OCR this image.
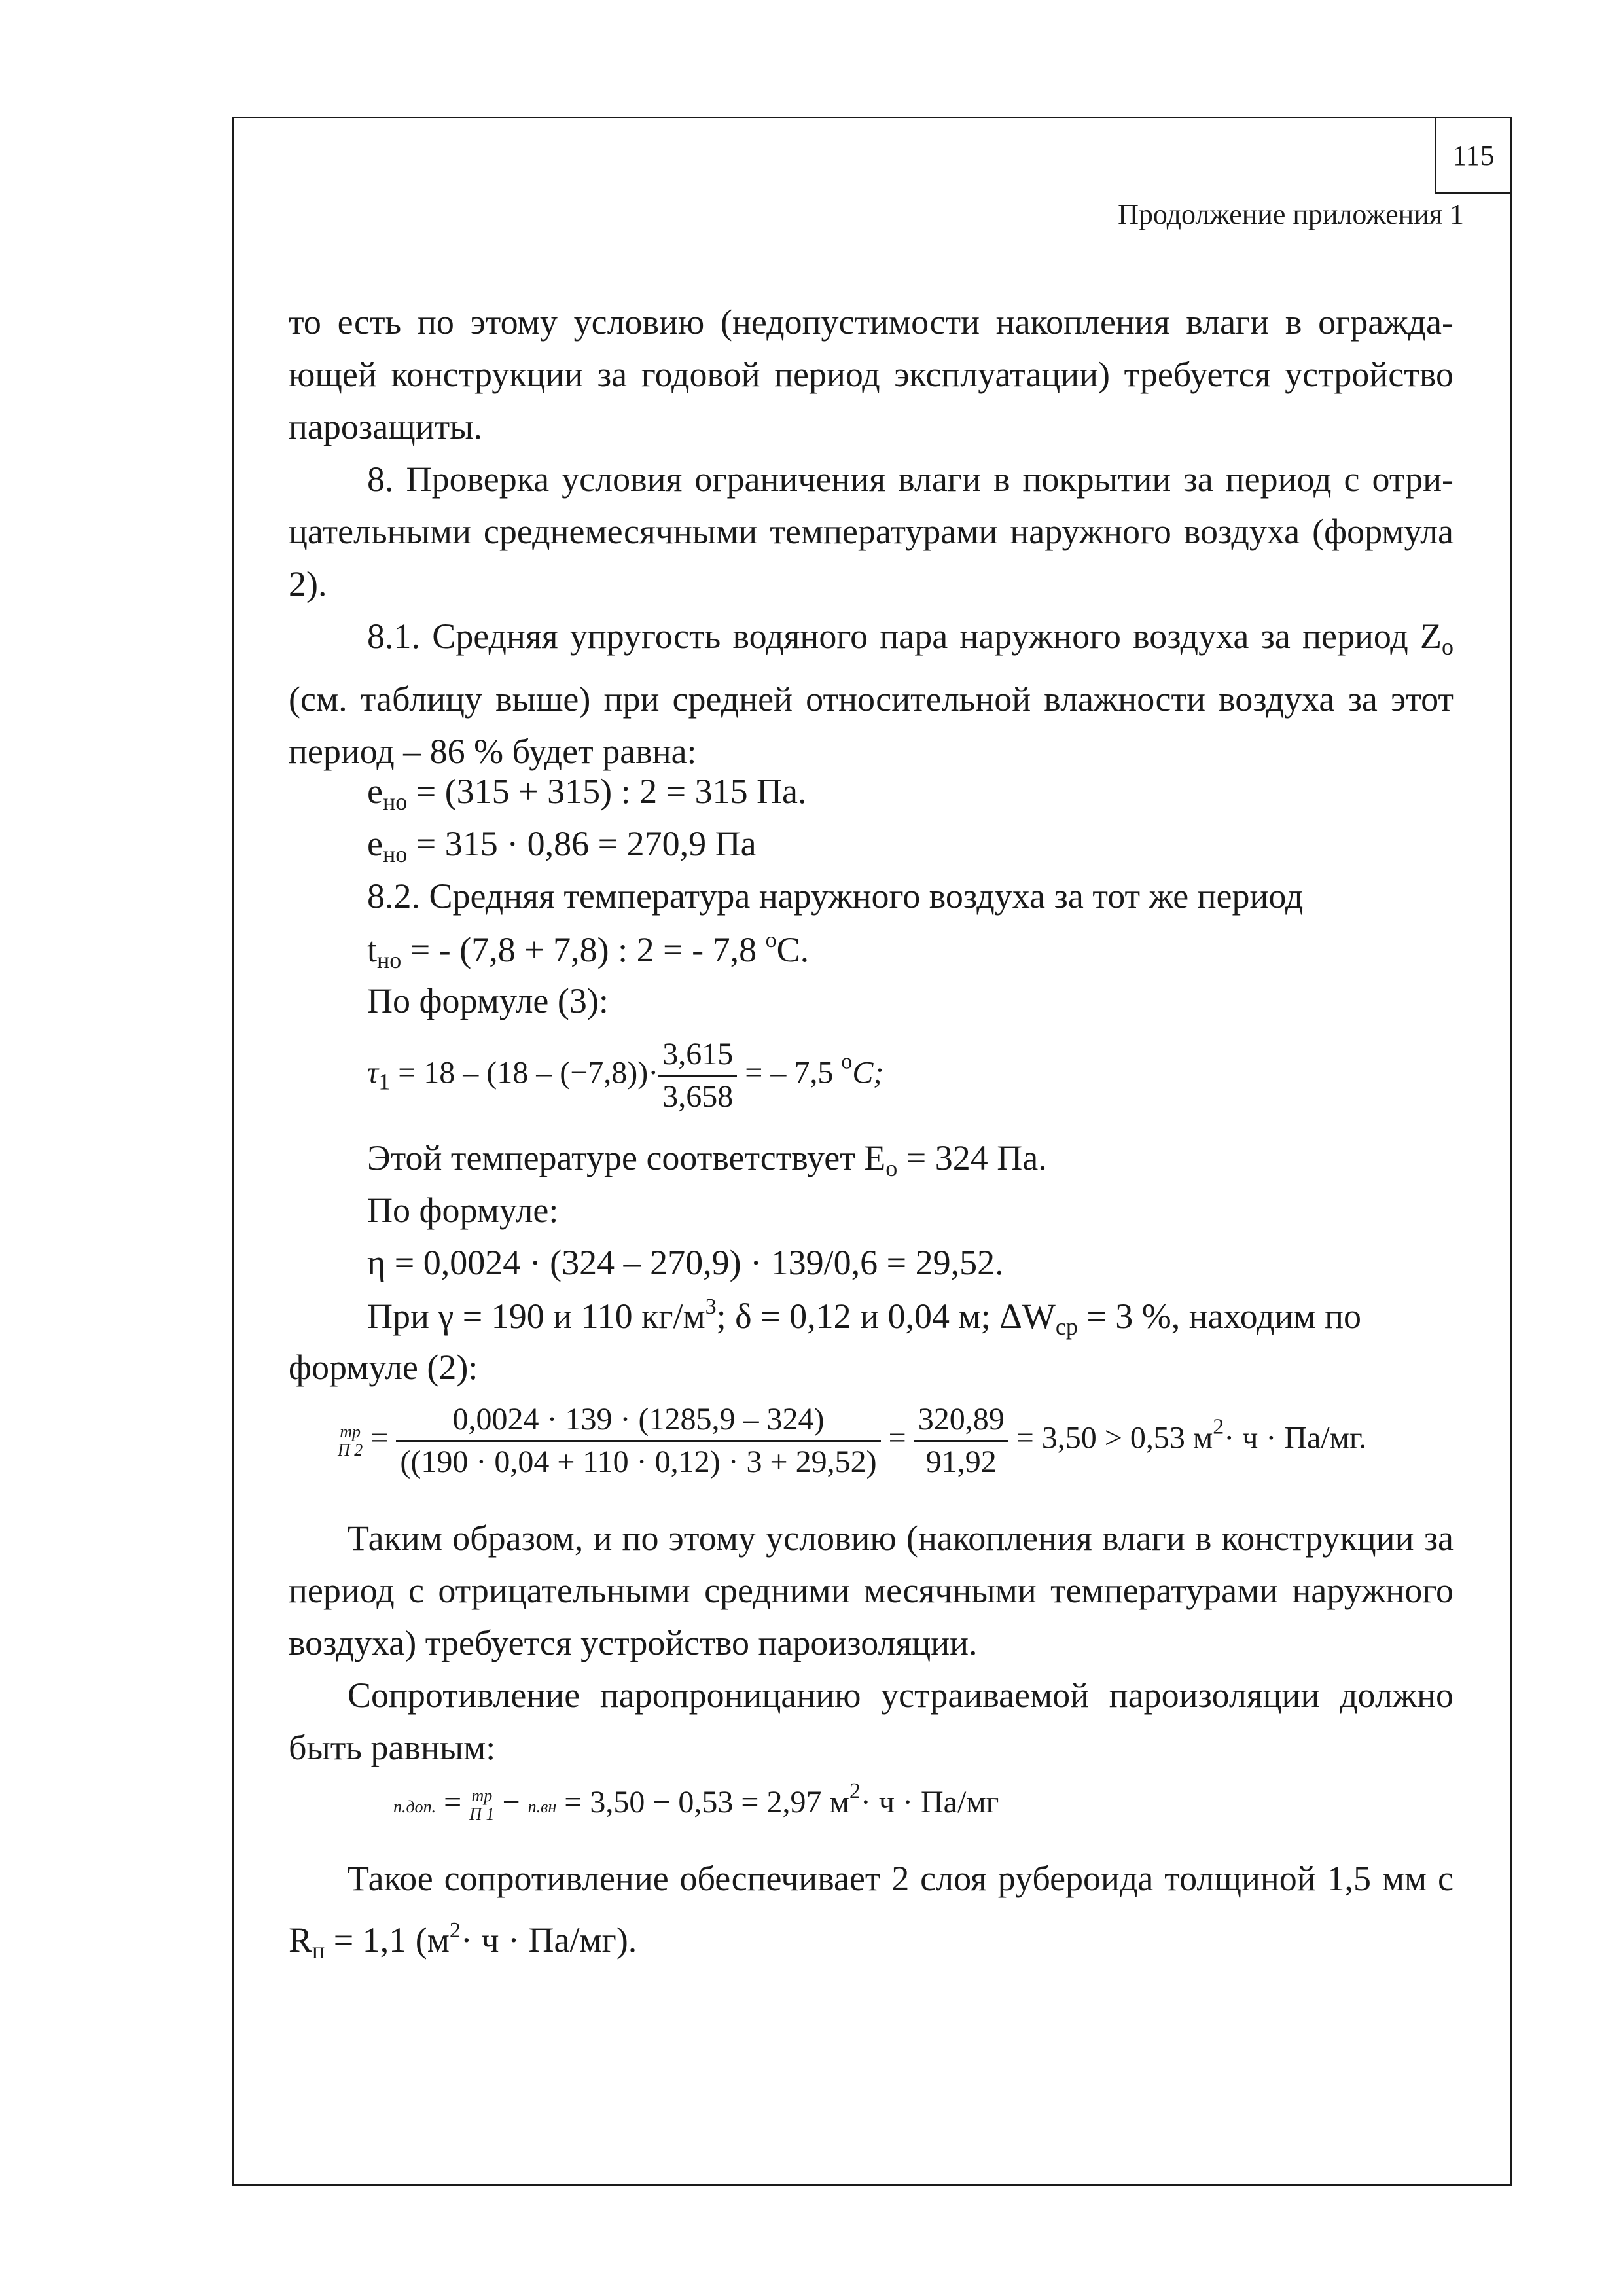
115
Продолжение приложения 1

то есть по этому условию (недопустимости накопления влаги в ограждающей конструкции за годовой период эксплуатации) требуется устройство парозащиты.

8. Проверка условия ограничения влаги в покрытии за период с отрицательными среднемесячными температурами наружного воздуха (формула 2).

8.1. Средняя упругость водяного пара наружного воздуха за период $Z_о$ (см. таблицу выше) при средней относительной влажности воздуха за этот период – 86 % будет равна:

$e_{но} = (315 + 315)$ : 2 = 315 Па.
$e_{но} = 315 \cdot 0,86 = 270,9$ Па
8.2. Средняя температура наружного воздуха за тот же период
$t_{но}$ = - (7,8 + 7,8) : 2 = - 7,8 $^о$С.
По формуле (3):
$\tau_1 = 18 - (18 - (-7,8))\cdot \frac{3,615}{3,658}$ = – 7,5 $^o$C;
Этой температуре соответствует $Е_о = 324$ Па.
По формуле:
η = 0,0024 · (324 – 270,9) · 139/0,6 = 29,52.
При γ = 190 и 110 $кг/м^3$; δ = 0,12 и 0,04 м; $\Delta W_{ср} = 3$ %, находим по
формуле (2):
тр
П $2 = \frac{0,0024 \cdot 139 \cdot (1285,9 - 324)}{((190 \cdot 0,04 + 110 \cdot 0,12) \cdot 3 + 29,52)} = \frac{320,89}{91,92} = 3,50 > 0,53$ $м^2\cdot ч \cdot Па/мг$.

Таким образом, и по этому условию (накопления влаги в конструкции за период с отрицательными средними месячными температурами наружного воздуха) требуется устройство пароизоляции.

Сопротивление паропроницанию устраиваемой пароизоляции должно быть равным:

п.доп. = тр
П 1 − п.вн = 3,50 − 0,53 = 2,97 $м^2\cdot ч \cdot Па/мг$

Такое сопротивление обеспечивает 2 слоя рубероида толщиной 1,5 мм с $R_п = 1,1$ $(м^2\cdot ч \cdot Па/мг)$.
